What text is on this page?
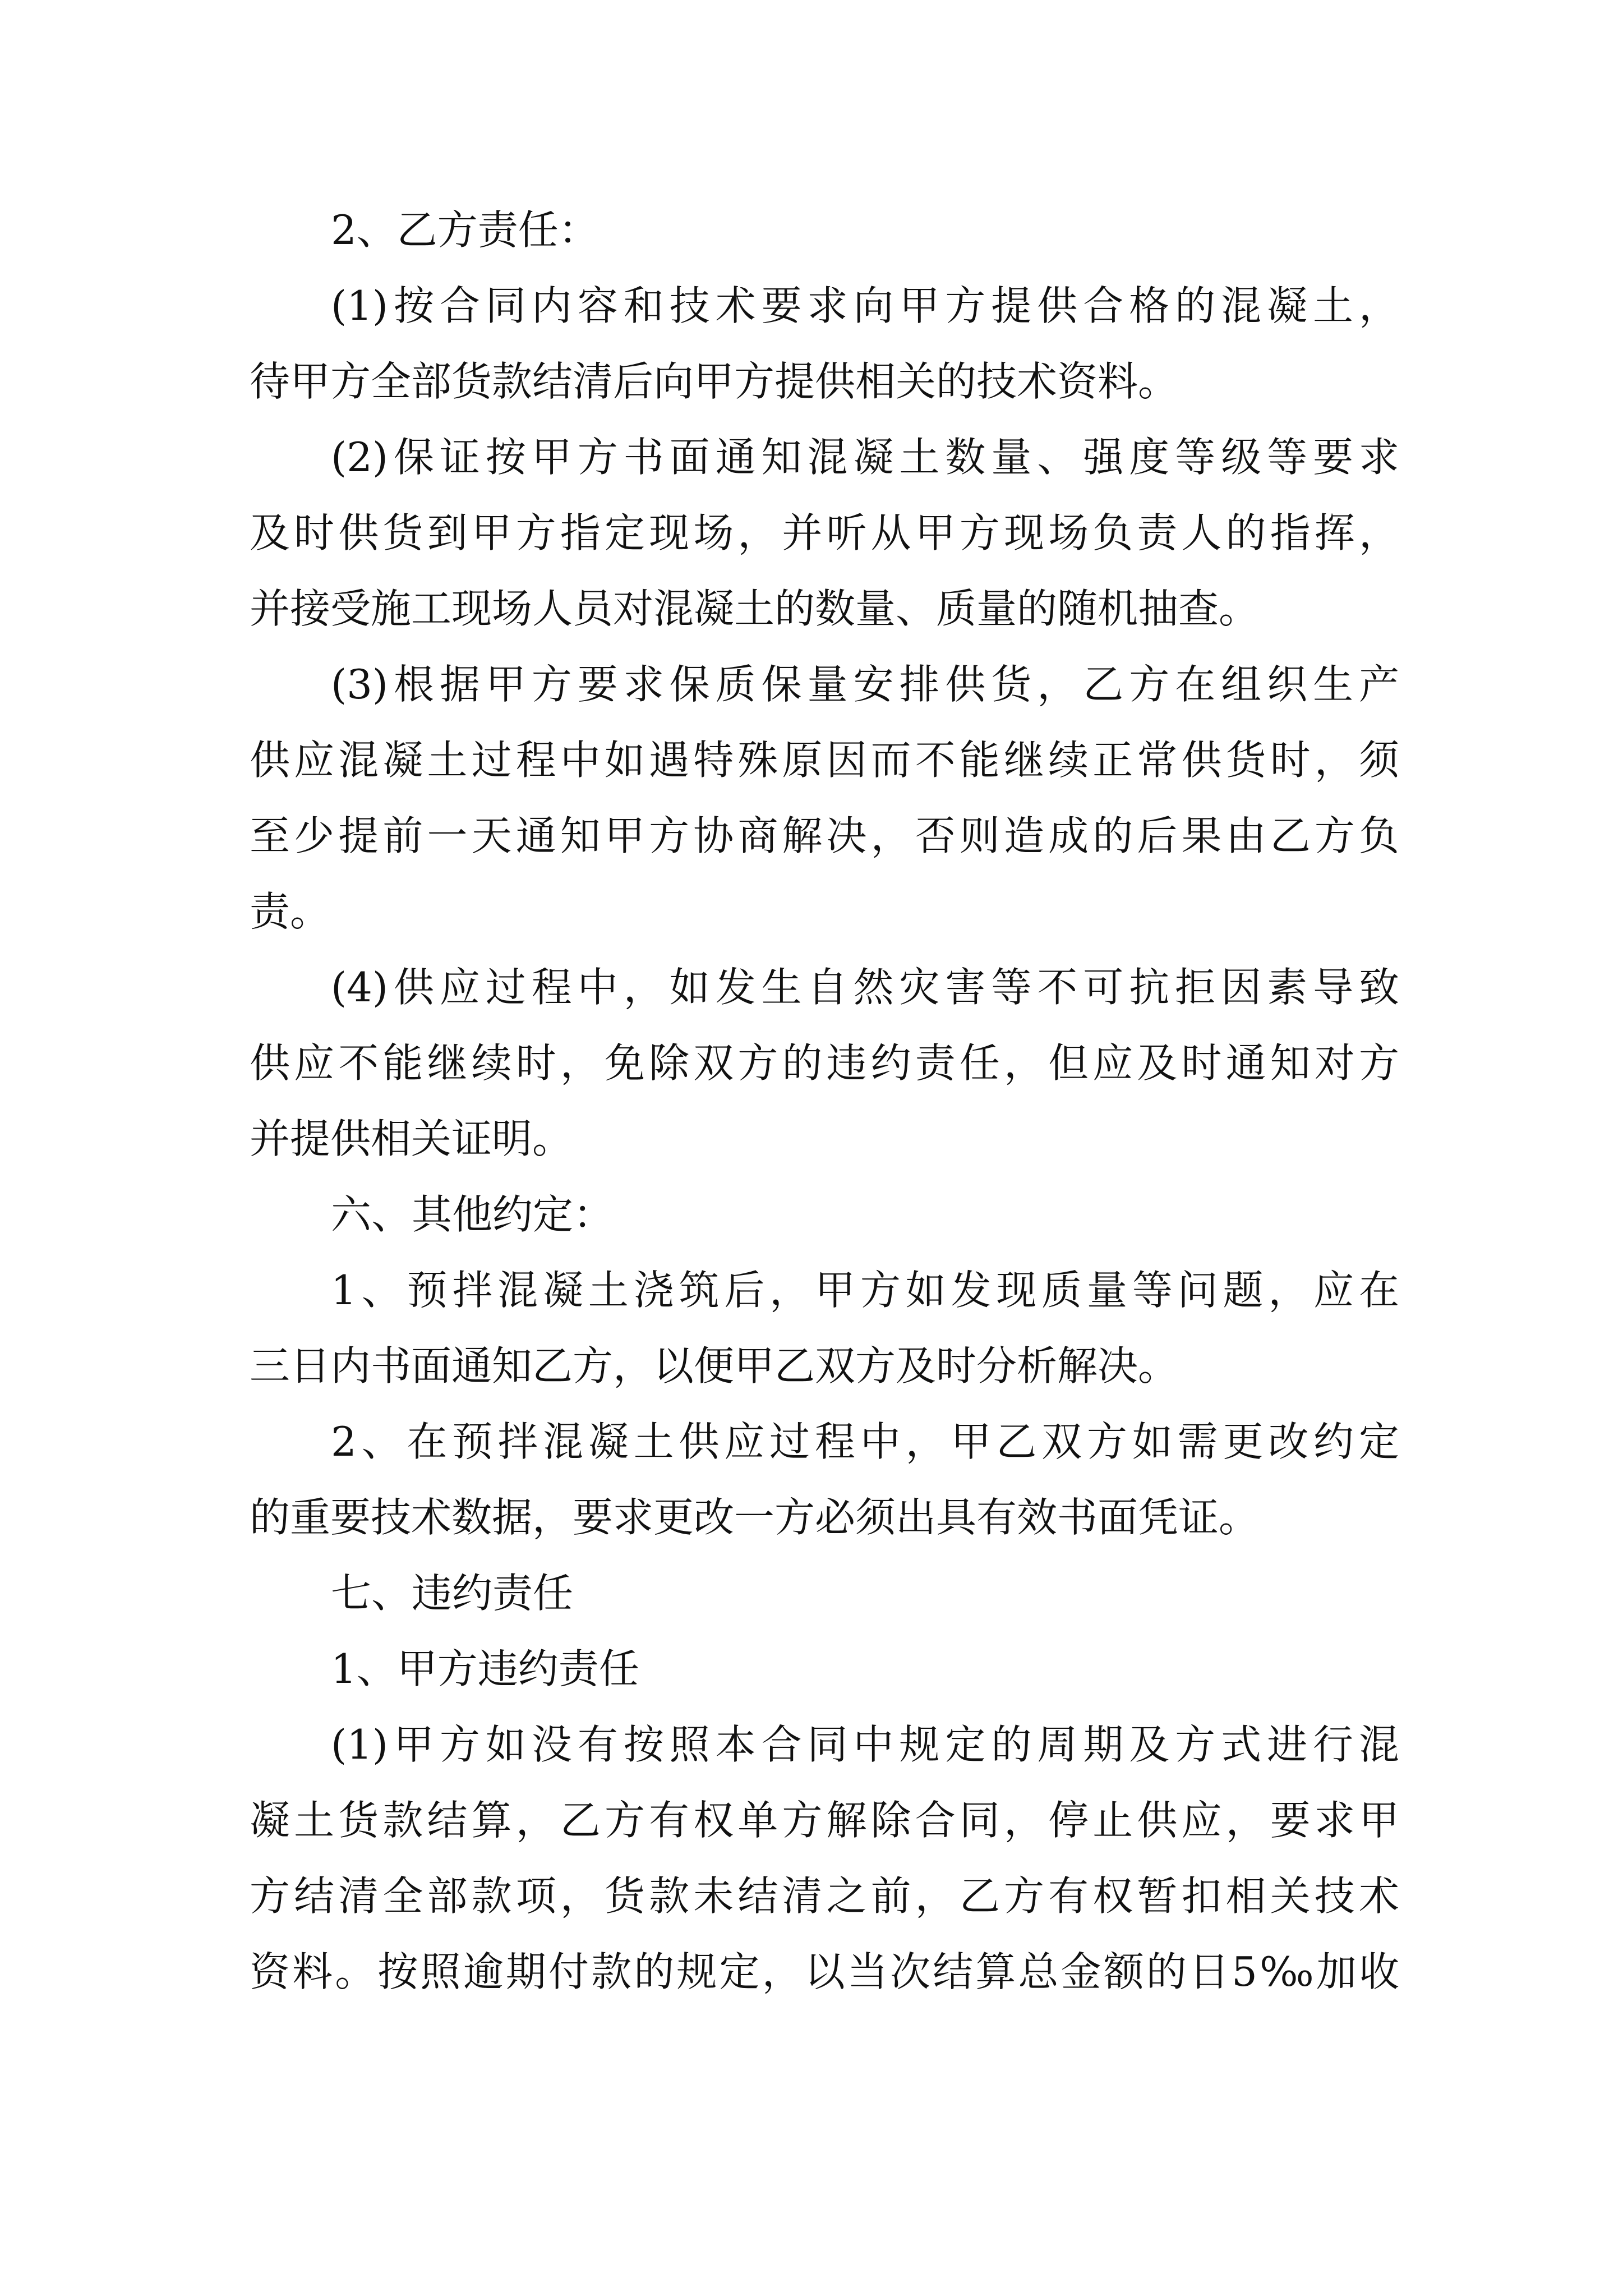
2、乙方责任：
(1)按合同内容和技术要求向甲方提供合格的混凝土，
待甲方全部货款结清后向甲方提供相关的技术资料。
(2)保证按甲方书面通知混凝土数量、强度等级等要求
及时供货到甲方指定现场，并听从甲方现场负责人的指挥，
并接受施工现场人员对混凝土的数量、质量的随机抽查。
(3)根据甲方要求保质保量安排供货，乙方在组织生产
供应混凝土过程中如遇特殊原因而不能继续正常供货时，须
至少提前一天通知甲方协商解决，否则造成的后果由乙方负
责。
(4)供应过程中，如发生自然灾害等不可抗拒因素导致
供应不能继续时，免除双方的违约责任，但应及时通知对方
并提供相关证明。
六、其他约定：
1、预拌混凝土浇筑后，甲方如发现质量等问题，应在
三日内书面通知乙方，以便甲乙双方及时分析解决。
2、在预拌混凝土供应过程中，甲乙双方如需更改约定
的重要技术数据，要求更改一方必须出具有效书面凭证。
七、违约责任
1、甲方违约责任
(1)甲方如没有按照本合同中规定的周期及方式进行混
凝土货款结算，乙方有权单方解除合同，停止供应，要求甲
方结清全部款项，货款未结清之前，乙方有权暂扣相关技术
资料。按照逾期付款的规定，以当次结算总金额的日5‰加收
